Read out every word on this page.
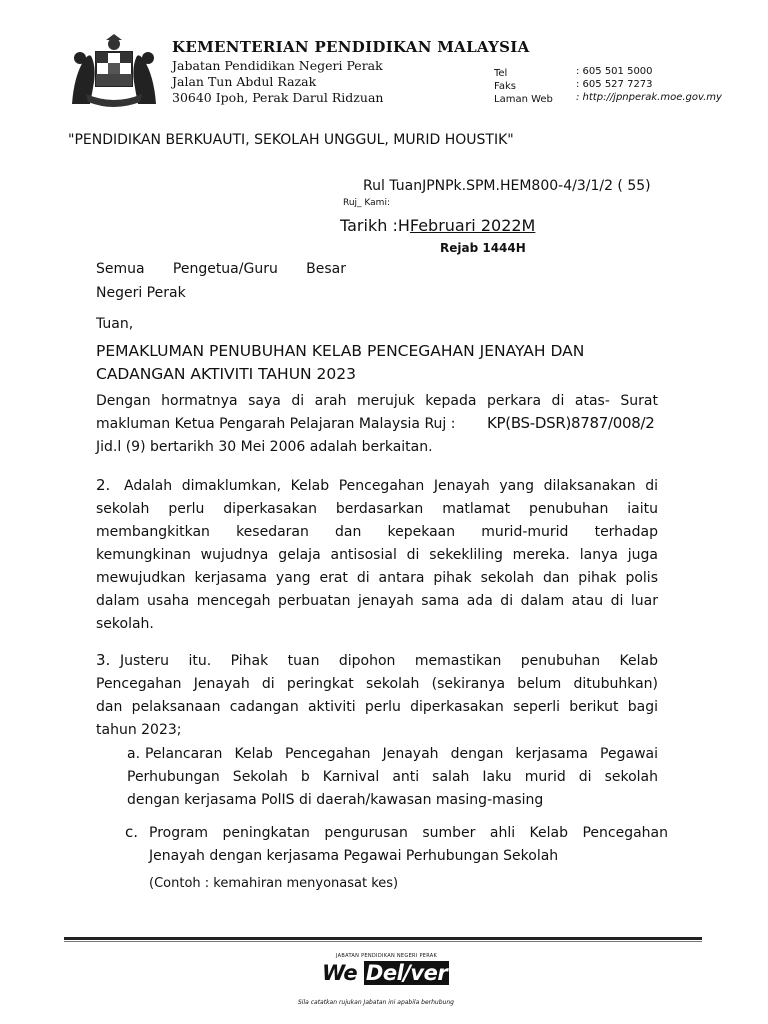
KEMENTERIAN PENDIDIKAN MALAYSIA
Jabatan Pendidikan Negeri Perak
Jalan Tun Abdul Razak
30640 Ipoh, Perak Darul Ridzuan
Tel	: 605 501 5000
Faks	: 605 527 7273
Laman Web : http://jpnperak.moe.gov.my
"PENDIDIKAN BERKUAUTI, SEKOLAH UNGGUL, MURID HOUSTIK"
Rul TuanJPNPk.SPM.HEM800-4/3/1/2 ( 55)
Ruj_ Kami:
Tarikh :HFebruari 2022M
Rejab 1444H
Semua Pengetua/Guru Besar
Negeri Perak
Tuan,
PEMAKLUMAN PENUBUHAN KELAB PENCEGAHAN JENAYAH DAN
CADANGAN AKTIVITI TAHUN 2023
Dengan hormatnya saya di arah merujuk kepada perkara di atas- Surat
makluman Ketua Pengarah Pelajaran Malaysia Ruj : KP(BS-DSR)8787/008/2
Jid.l (9) bertarikh 30 Mei 2006 adalah berkaitan.
2. Adalah dimaklumkan, Kelab Pencegahan Jenayah yang dilaksanakan di
sekolah perlu diperkasakan berdasarkan matlamat penubuhan iaitu
membangkitkan kesedaran dan kepekaan murid-murid terhadap
kemungkinan wujudnya gelaja antisosial di sekekliling mereka. lanya juga
mewujudkan kerjasama yang erat di antara pihak sekolah dan pihak polis
dalam usaha mencegah perbuatan jenayah sama ada di dalam atau di luar
sekolah.
3. Justeru itu. Pihak tuan dipohon memastikan penubuhan Kelab
Pencegahan Jenayah di peringkat sekolah (sekiranya belum ditubuhkan)
dan pelaksanaan cadangan aktiviti perlu diperkasakan seperli berikut bagi
tahun 2023;
a. Pelancaran Kelab Pencegahan Jenayah dengan kerjasama Pegawai
Perhubungan Sekolah b Karnival anti salah Iaku murid di sekolah
dengan kerjasama PolIS di daerah/kawasan masing-masing
c. Program peningkatan pengurusan sumber ahli Kelab Pencegahan
Jenayah dengan kerjasama Pegawai Perhubungan Sekolah
(Contoh : kemahiran menyonasat kes)
JABATAN PENDIDIKAN NEGERI PERAK
We Del/ver
Sila catatkan rujukan Jabatan ini apabila berhubung
